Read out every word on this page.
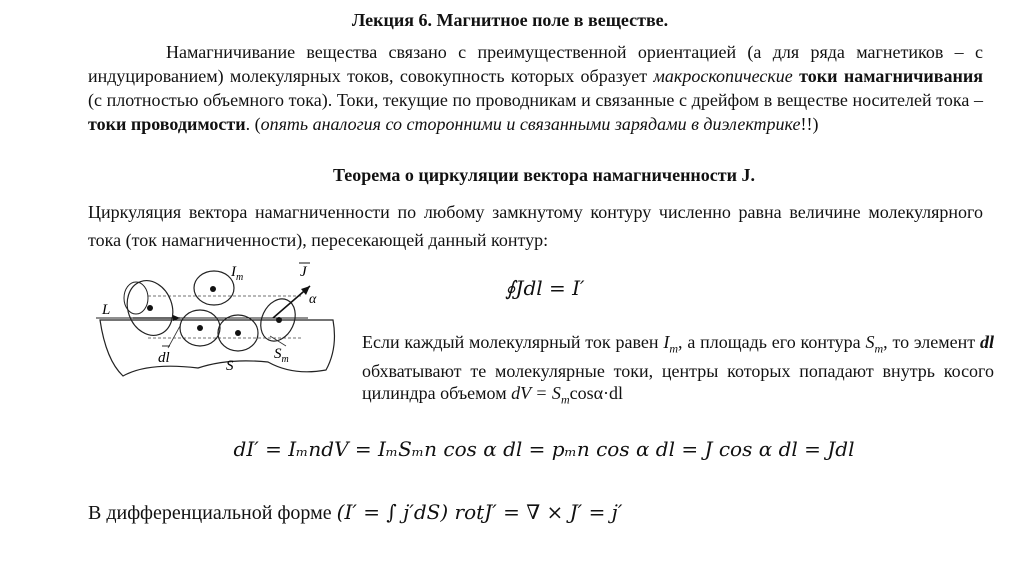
Лекция 6. Магнитное поле в веществе.
Намагничивание вещества связано с преимущественной ориентацией (а для ряда магнетиков – с индуцированием) молекулярных токов, совокупность которых образует макроскопические токи намагничивания (с плотностью объемного тока). Токи, текущие по проводникам и связанные с дрейфом в веществе носителей тока – токи проводимости. (опять аналогия со сторонними и связанными зарядами в диэлектрике!!)
Теорема о циркуляции вектора намагниченности J.
Циркуляция вектора намагниченности по любому замкнутому контуру численно равна величине молекулярного тока (ток намагниченности), пересекающей данный контур:
∮Jdl = I′
L
$I_m$	J
α
dl	S
$S_m$
Если каждый молекулярный ток равен $I_m$, а площадь его контура $S_m$, то элемент dl обхватывают те молекулярные токи, центры которых попадают внутрь косого цилиндра объемом dV = $S_m\cos\alpha\cdot dl$
dI′ = IₘndV = IₘSₘn cos α dl = pₘn cos α dl = J cos α dl = Jdl
В дифференциальной форме (I′ = ∫ j′dS) rotJ′ = ∇ × J′ = j′
